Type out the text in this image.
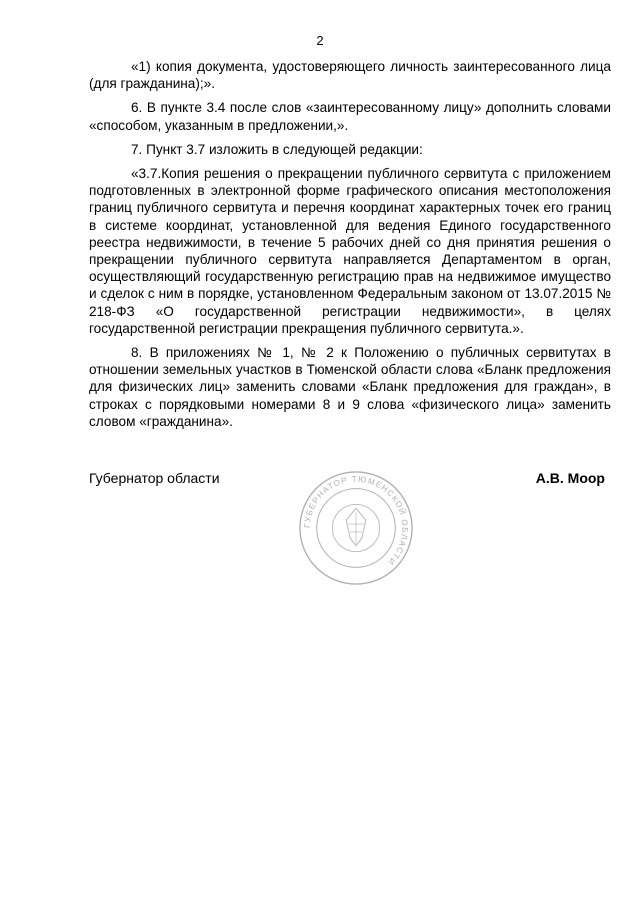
2

«1) копия документа, удостоверяющего личность заинтересованного лица (для гражданина);».

6. В пункте 3.4 после слов «заинтересованному лицу» дополнить словами «способом, указанным в предложении,».

7. Пункт 3.7 изложить в следующей редакции:

«3.7.Копия решения о прекращении публичного сервитута с приложением подготовленных в электронной форме графического описания местоположения границ публичного сервитута и перечня координат характерных точек его границ в системе координат, установленной для ведения Единого государственного реестра недвижимости, в течение 5 рабочих дней со дня принятия решения о прекращении публичного сервитута направляется Департаментом в орган, осуществляющий государственную регистрацию прав на недвижимое имущество и сделок с ним в порядке, установленном Федеральным законом от 13.07.2015 № 218-ФЗ «О государственной регистрации недвижимости», в целях государственной регистрации прекращения публичного сервитута.».

8. В приложениях № 1, № 2 к Положению о публичных сервитутах в отношении земельных участков в Тюменской области слова «Бланк предложения для физических лиц» заменить словами «Бланк предложения для граждан», в строках с порядковыми номерами 8 и 9 слова «физического лица» заменить словом «гражданина».

Губернатор области	А.В. Моор
ГУБЕРНАТОР ТЮМЕНСКОЙ ОБЛАСТИ
